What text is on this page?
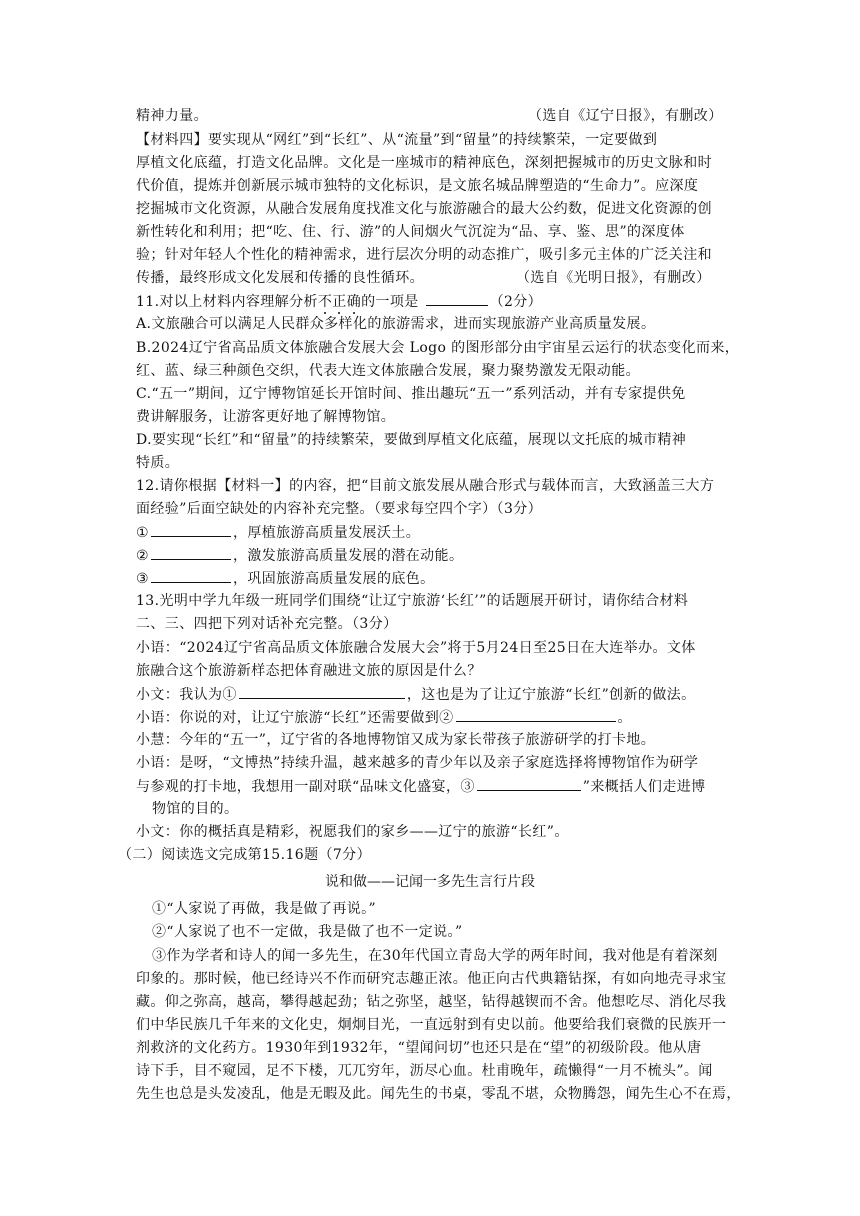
精神力量。	（选自《辽宁日报》，有删改）
【材料四】要实现从“网红”到“长红”、从“流量”到“留量”的持续繁荣，一定要做到
厚植文化底蕴，打造文化品牌。文化是一座城市的精神底色，深刻把握城市的历史文脉和时
代价值，提炼并创新展示城市独特的文化标识，是文旅名城品牌塑造的“生命力”。应深度
挖掘城市文化资源，从融合发展角度找准文化与旅游融合的最大公约数，促进文化资源的创
新性转化和利用；把“吃、住、行、游”的人间烟火气沉淀为“品、享、鉴、思”的深度体
验；针对年轻人个性化的精神需求，进行层次分明的动态推广，吸引多元主体的广泛关注和
传播，最终形成文化发展和传播的良性循环。	（选自《光明日报》，有删改）
11.对以上材料内容理解分析不正确的一项是	（2分）
A.文旅融合可以满足人民群众多样化的旅游需求，进而实现旅游产业高质量发展。
B.2024辽宁省高品质文体旅融合发展大会 Logo 的图形部分由宇宙星云运行的状态变化而来，
红、蓝、绿三种颜色交织，代表大连文体旅融合发展，聚力聚势激发无限动能。
C.“五一”期间，辽宁博物馆延长开馆时间、推出趣玩“五一”系列活动，并有专家提供免
费讲解服务，让游客更好地了解博物馆。
D.要实现“长红”和“留量”的持续繁荣，要做到厚植文化底蕴，展现以文托底的城市精神
特质。
12.请你根据【材料一】的内容，把“目前文旅发展从融合形式与载体而言，大致涵盖三大方
面经验”后面空缺处的内容补充完整。（要求每空四个字）（3分）
①	，厚植旅游高质量发展沃土。
②	，激发旅游高质量发展的潜在动能。
③	，巩固旅游高质量发展的底色。
13.光明中学九年级一班同学们围绕“让辽宁旅游‘长红’”的话题展开研讨，请你结合材料
二、三、四把下列对话补充完整。（3分）
小语：“2024辽宁省高品质文体旅融合发展大会”将于5月24日至25日在大连举办。文体
旅融合这个旅游新样态把体育融进文旅的原因是什么？
小文：我认为①	，这也是为了让辽宁旅游“长红”创新的做法。
小语：你说的对，让辽宁旅游“长红”还需要做到②	。
小慧：今年的“五一”，辽宁省的各地博物馆又成为家长带孩子旅游研学的打卡地。
小语：是呀，“文博热”持续升温，越来越多的青少年以及亲子家庭选择将博物馆作为研学
与参观的打卡地，我想用一副对联“品味文化盛宴，③	”来概括人们走进博
物馆的目的。
小文：你的概括真是精彩，祝愿我们的家乡——辽宁的旅游“长红”。
（二）阅读选文完成第15.16题（7分）
说和做——记闻一多先生言行片段
①“人家说了再做，我是做了再说。”
②“人家说了也不一定做，我是做了也不一定说。”
③作为学者和诗人的闻一多先生，在30年代国立青岛大学的两年时间，我对他是有着深刻
印象的。那时候，他已经诗兴不作而研究志趣正浓。他正向古代典籍钻探，有如向地壳寻求宝
藏。仰之弥高，越高，攀得越起劲；钻之弥坚，越坚，钻得越锲而不舍。他想吃尽、消化尽我
们中华民族几千年来的文化史，炯炯目光，一直远射到有史以前。他要给我们衰微的民族开一
剂救济的文化药方。1930年到1932年，“望闻问切”也还只是在“望”的初级阶段。他从唐
诗下手，目不窥园，足不下楼，兀兀穷年，沥尽心血。杜甫晚年，疏懒得“一月不梳头”。闻
先生也总是头发凌乱，他是无暇及此。闻先生的书桌，零乱不堪，众物腾怨，闻先生心不在焉，
